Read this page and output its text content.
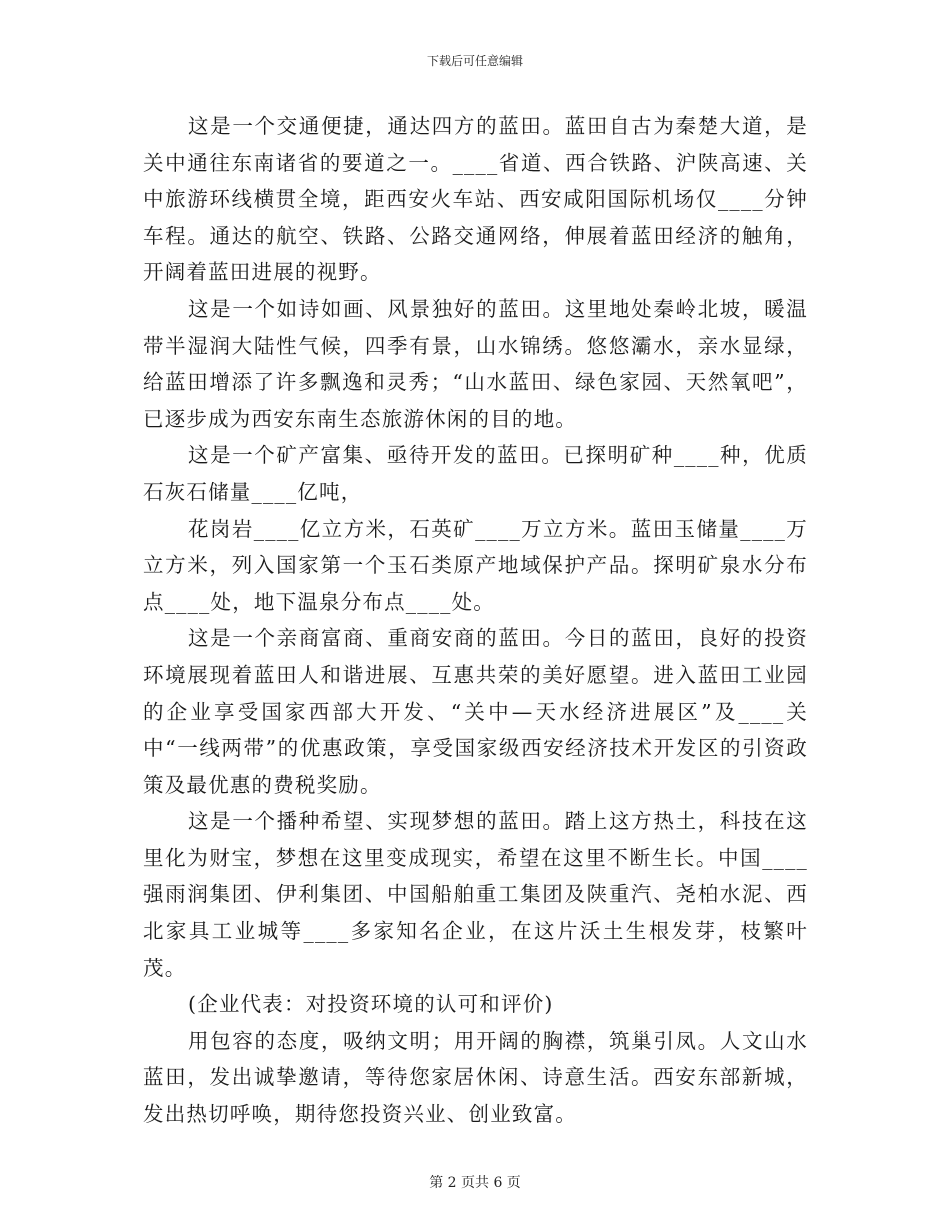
下载后可任意编辑

这是一个交通便捷，通达四方的蓝田。蓝田自古为秦楚大道，是关中通往东南诸省的要道之一。____省道、西合铁路、沪陕高速、关中旅游环线横贯全境，距西安火车站、西安咸阳国际机场仅____分钟车程。通达的航空、铁路、公路交通网络，伸展着蓝田经济的触角，开阔着蓝田进展的视野。

这是一个如诗如画、风景独好的蓝田。这里地处秦岭北坡，暖温带半湿润大陆性气候，四季有景，山水锦绣。悠悠灞水，亲水显绿，给蓝田增添了许多飘逸和灵秀；“山水蓝田、绿色家园、天然氧吧”，已逐步成为西安东南生态旅游休闲的目的地。

这是一个矿产富集、亟待开发的蓝田。已探明矿种____种，优质石灰石储量____亿吨，

花岗岩____亿立方米，石英矿____万立方米。蓝田玉储量____万立方米，列入国家第一个玉石类原产地域保护产品。探明矿泉水分布点____处，地下温泉分布点____处。

这是一个亲商富商、重商安商的蓝田。今日的蓝田，良好的投资环境展现着蓝田人和谐进展、互惠共荣的美好愿望。进入蓝田工业园的企业享受国家西部大开发、“关中—天水经济进展区”及____关中“一线两带”的优惠政策，享受国家级西安经济技术开发区的引资政策及最优惠的费税奖励。

这是一个播种希望、实现梦想的蓝田。踏上这方热土，科技在这里化为财宝，梦想在这里变成现实，希望在这里不断生长。中国____强雨润集团、伊利集团、中国船舶重工集团及陕重汽、尧柏水泥、西北家具工业城等____多家知名企业，在这片沃土生根发芽，枝繁叶茂。

(企业代表：对投资环境的认可和评价)

用包容的态度，吸纳文明；用开阔的胸襟，筑巢引凤。人文山水蓝田，发出诚挚邀请，等待您家居休闲、诗意生活。西安东部新城，发出热切呼唤，期待您投资兴业、创业致富。

第 2 页共 6 页
